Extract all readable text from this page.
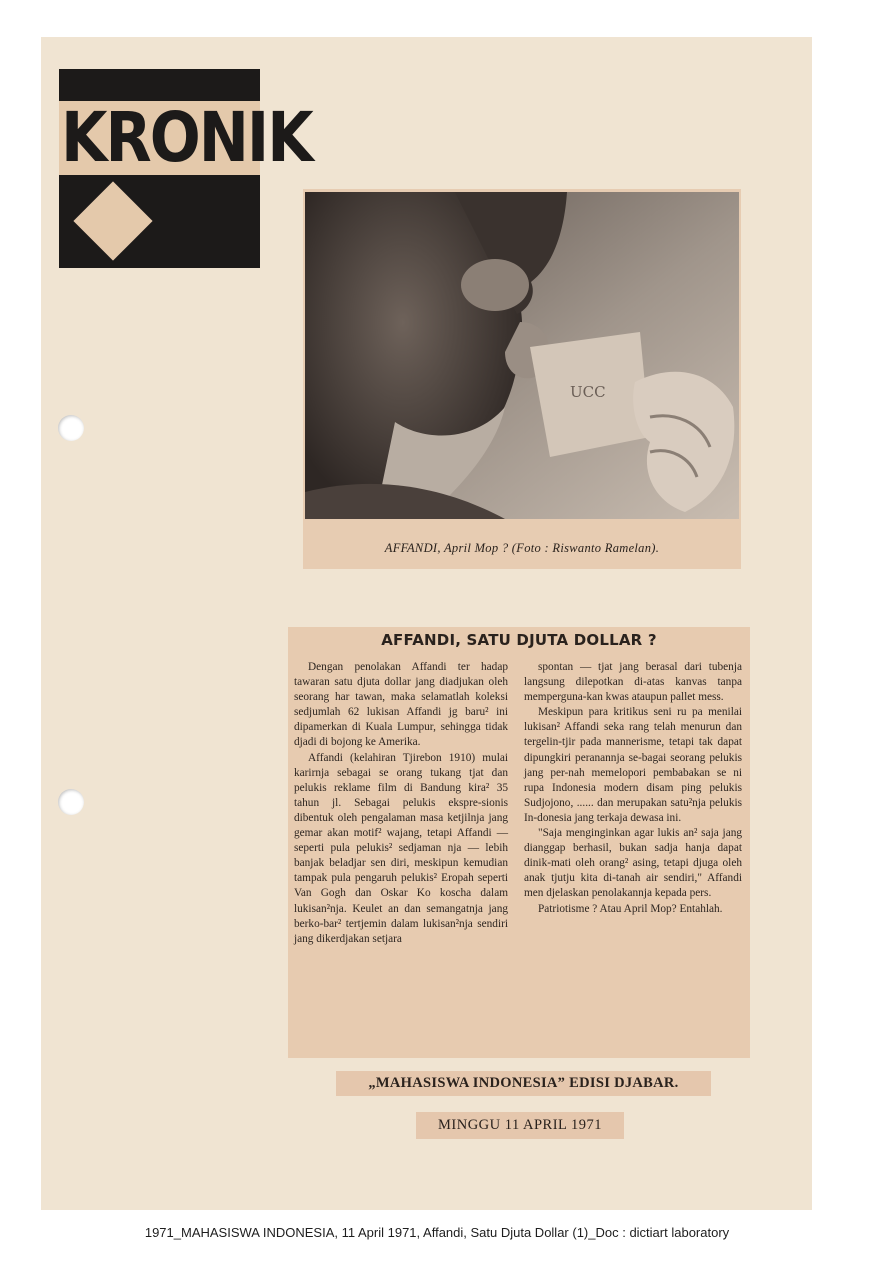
KRONIK
UCC
AFFANDI, April Mop ? (Foto : Riswanto Ramelan).
AFFANDI, SATU DJUTA DOLLAR ?

Dengan penolakan Affandi ter hadap tawaran satu djuta dollar jang diadjukan oleh seorang har tawan, maka selamatlah koleksi sedjumlah 62 lukisan Affandi jg baru² ini dipamerkan di Kuala Lumpur, sehingga tidak djadi di bojong ke Amerika.

Affandi (kelahiran Tjirebon 1910) mulai karirnja sebagai se orang tukang tjat dan pelukis reklame film di Bandung kira² 35 tahun jl. Sebagai pelukis ekspre-sionis dibentuk oleh pengalaman masa ketjilnja jang gemar akan motif² wajang, tetapi Affandi — seperti pula pelukis² sedjaman nja — lebih banjak beladjar sen diri, meskipun kemudian tampak pula pengaruh pelukis² Eropah seperti Van Gogh dan Oskar Ko koscha dalam lukisan²nja. Keulet an dan semangatnja jang berko-bar² tertjemin dalam lukisan²nja sendiri jang dikerdjakan setjara

spontan — tjat jang berasal dari tubenja langsung dilepotkan di-atas kanvas tanpa memperguna-kan kwas ataupun pallet mess.

Meskipun para kritikus seni ru pa menilai lukisan² Affandi seka rang telah menurun dan tergelin-tjir pada mannerisme, tetapi tak dapat dipungkiri peranannja se-bagai seorang pelukis jang per-nah memelopori pembabakan se ni rupa Indonesia modern disam ping pelukis Sudjojono, ...... dan merupakan satu²nja pelukis In-donesia jang terkaja dewasa ini.

"Saja menginginkan agar lukis an² saja jang dianggap berhasil, bukan sadja hanja dapat dinik-mati oleh orang² asing, tetapi djuga oleh anak tjutju kita di-tanah air sendiri," Affandi men djelaskan penolakannja kepada pers.

Patriotisme ? Atau April Mop? Entahlah.

„MAHASISWA INDONESIA” EDISI DJABAR.
MINGGU 11 APRIL 1971
1971_MAHASISWA INDONESIA, 11 April 1971, Affandi, Satu Djuta Dollar (1)_Doc : dictiart laboratory
